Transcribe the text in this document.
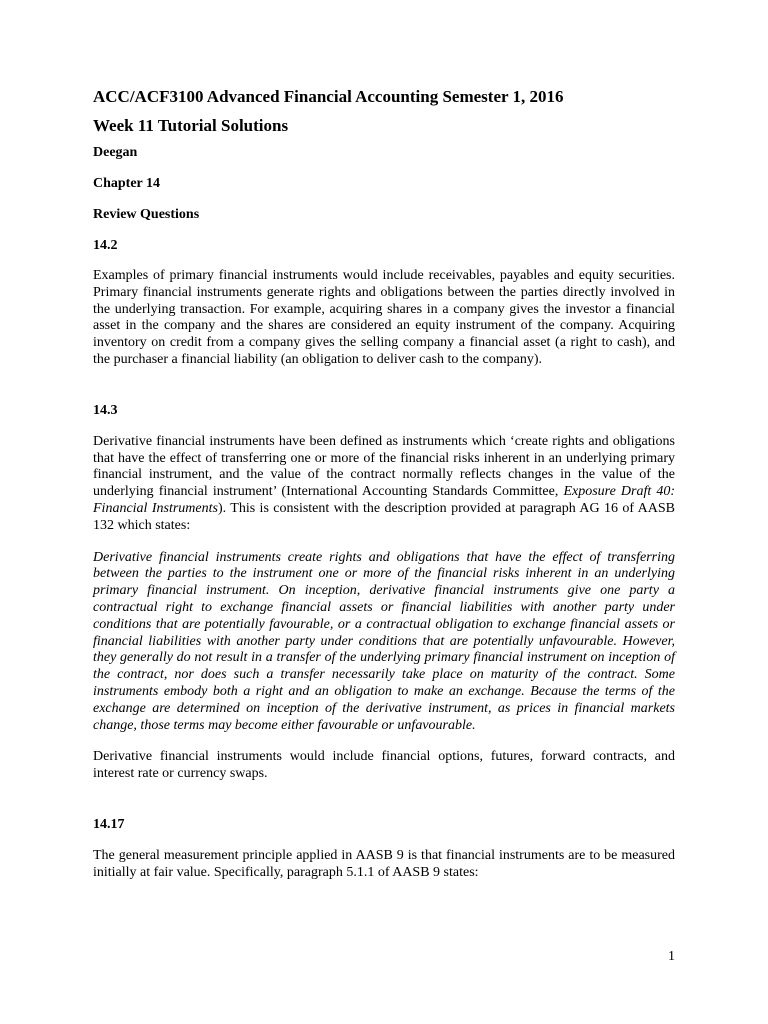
ACC/ACF3100 Advanced Financial Accounting Semester 1, 2016

Week 11 Tutorial Solutions

Deegan

Chapter 14

Review Questions

14.2

Examples of primary financial instruments would include receivables, payables and equity securities. Primary financial instruments generate rights and obligations between the parties directly involved in the underlying transaction. For example, acquiring shares in a company gives the investor a financial asset in the company and the shares are considered an equity instrument of the company. Acquiring inventory on credit from a company gives the selling company a financial asset (a right to cash), and the purchaser a financial liability (an obligation to deliver cash to the company).

14.3

Derivative financial instruments have been defined as instruments which ‘create rights and obligations that have the effect of transferring one or more of the financial risks inherent in an underlying primary financial instrument, and the value of the contract normally reflects changes in the value of the underlying financial instrument’ (International Accounting Standards Committee, Exposure Draft 40: Financial Instruments). This is consistent with the description provided at paragraph AG 16 of AASB 132 which states:

Derivative financial instruments create rights and obligations that have the effect of transferring between the parties to the instrument one or more of the financial risks inherent in an underlying primary financial instrument. On inception, derivative financial instruments give one party a contractual right to exchange financial assets or financial liabilities with another party under conditions that are potentially favourable, or a contractual obligation to exchange financial assets or financial liabilities with another party under conditions that are potentially unfavourable. However, they generally do not result in a transfer of the underlying primary financial instrument on inception of the contract, nor does such a transfer necessarily take place on maturity of the contract. Some instruments embody both a right and an obligation to make an exchange. Because the terms of the exchange are determined on inception of the derivative instrument, as prices in financial markets change, those terms may become either favourable or unfavourable.

Derivative financial instruments would include financial options, futures, forward contracts, and interest rate or currency swaps.

14.17

The general measurement principle applied in AASB 9 is that financial instruments are to be measured initially at fair value. Specifically, paragraph 5.1.1 of AASB 9 states:

1
